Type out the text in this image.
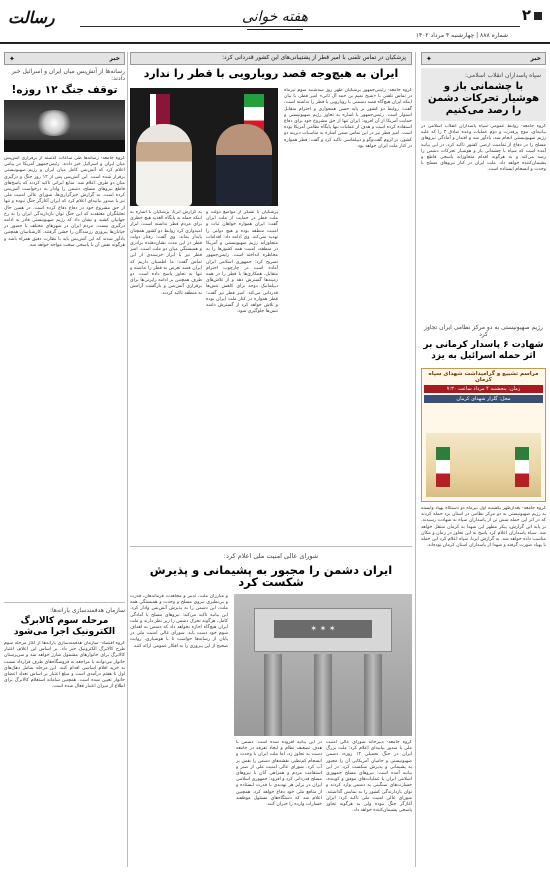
۲
شماره ۸۸۸ | چهارشنبه ۴ مرداد ۱۴۰۲
هفته خوانی
رسالت
خبر
✦
سپاه پاسداران انقلاب اسلامی:
با چشمانی باز و هوشیار تحرکات دشمن را رصد می‌کنیم
گروه جامعه- روابط عمومی سپاه پاسداران انقلاب اسلامی در بیانیه‌ای، موج پرقدرت و دوم عملیات وعده صادق ۳ را که علیه رژیم صهیونیستی انجام شد، یادآور شد و اقتدار و آمادگی نیروهای مسلح را در دفاع از تمامیت ارضی کشور تاکید کرد. در این بیانیه آمده است که سپاه با چشمانی باز و هوشیار تحرکات دشمن را رصد می‌کند و به هرگونه اقدام متجاوزانه پاسخی قاطع و پشیمان‌کننده خواهد داد. ملت ایران در کنار نیروهای مسلح با وحدت و انسجام ایستاده است.
رژیم صهیونیستی به دو مرکز نظامی ایران تجاوز کرد
شهادت ۶ پاسدار کرمانی بر اثر حمله اسرائیل به یزد
مراسم تشییع و گرامیداشت شهدای سپاه کرمان
زمان: پنجشنبه ۴ مرداد ساعت ۷:۳۰
محل: گلزار شهدای کرمان
گروه جامعه- بعدازظهر یکشنبه اول تیرماه دو دستگاه پهپاد وابسته به رژیم صهیونیستی به دو مرکز نظامی در استان یزد حمله کردند که در اثر این حمله شش تن از پاسداران سپاه به شهادت رسیدند. بر پایه این گزارش، پیکر مطهر این شهدا به کرمان منتقل خواهد شد. سپاه پاسداران اعلام کرد پاسخ به این تجاوز در زمان و مکان مناسب داده خواهد شد. به گزارش ایرنا، سپاه اعلام کرد این حمله با پهپاد صورت گرفته و شهدا از پاسداران استان کرمان بوده‌اند.
پزشکیان در تماس تلفنی با امیر قطر از پشتیبانی‌های این کشور قدردانی کرد:
ایران به هیچ‌وجه قصد رویارویی با قطر را ندارد
گروه جامعه- رئیس‌جمهور پزشکیان ظهر روز سه‌شنبه سوم تیرماه در تماس تلفنی با «شیخ تمیم بن حمد آل ثانی» امیر قطر، با بیان اینکه ایران هیچ‌گاه قصد دشمنی یا رویارویی با قطر را نداشته است، گفت: روابط دو کشور بر پایه حسن همجواری و احترام متقابل استوار است. رئیس‌جمهور با اشاره به تجاوز رژیم صهیونیستی و حمایت آمریکا از آن افزود: ایران تنها از حق مشروع خود برای دفاع استفاده کرده است و هدف از عملیات تنها پایگاه نظامی آمریکا بوده است. امیر قطر نیز در این تماس ضمن اشاره به مناسبات دیرینه دو کشور، بر لزوم گفت‌وگو و دیپلماسی تاکید کرد و گفت: قطر همواره در کنار ملت ایران خواهد بود.
پزشکیان با تشکر از مواضع دولت و ملت قطر در حمایت از ملت ایران گفت: ایران همواره خواهان ثبات و امنیت منطقه بوده و هیچ دولتی را تهدید نمی‌کند. وی ادامه داد: اقدامات متجاوزانه رژیم صهیونیستی و آمریکا در منطقه، امنیت همه کشورها را به مخاطره انداخته است. رئیس‌جمهور تصریح کرد: جمهوری اسلامی ایران آماده است در چارچوب احترام متقابل، همکاری‌ها با قطر را در همه زمینه‌ها گسترش دهد و از تلاش‌های دیپلماتیک دوحه برای کاهش تنش‌ها قدردانی می‌کند. امیر قطر نیز گفت: قطر همواره در کنار ملت ایران بوده و تلاش خواهد کرد از گسترش دامنه تنش‌ها جلوگیری شود.
به گزارش ایرنا، پزشکیان با اشاره به اینکه حمله به پایگاه العدید هیچ خطری برای مردم قطر نداشته است، ابراز امیدواری کرد روابط دو کشور همچنان پایدار بماند. وی گفت: رفتار دولت قطر در این مدت نشان‌دهنده برادری و همبستگی میان دو ملت است. امیر قطر نیز با ابراز خرسندی از این تماس گفت: ما اطمینان داریم که ایران قصد تعرض به قطر را نداشته و تنها به تجاوز پاسخ داده است. دو طرف همچنین بر ادامه رایزنی‌ها برای برقراری آتش‌بس و بازگشت آرامش به منطقه تاکید کردند.
شورای عالی امنیت ملی اعلام کرد:
ایران دشمن را مجبور به پشیمانی و پذیرش شکست کرد
✶ ✶ ✶
و مبارزان ملت، تدبیر و مجاهدت فرماندهان، قدرت و بی‌نظیری نیروی مسلح و وحدت و همبستگی همه ملت، این دشمن را به پذیرش آتش‌بس وادار کرد. این بیانیه تاکید می‌کند: نیروهای مسلح با آمادگی کامل، هرگونه تحرک دشمن را زیر نظر دارند و ملت ایران هیچ‌گاه اجازه نخواهد داد که دشمن به اهداف شوم خود دست یابد. شورای عالی امنیت ملی در پایان از رسانه‌ها خواست تا با هوشیاری، روایت صحیح از این پیروزی را به افکار عمومی ارائه کنند.
گروه جامعه- دبیرخانه شورای عالی امنیت ملی با صدور بیانیه‌ای اعلام کرد: ملت بزرگ ایران در جنگ تحمیلی ۱۲ روزه، دشمن صهیونیستی و حامیان آمریکایی آن را مجبور به پشیمانی و پذیرش شکست کرد. در این بیانیه آمده است: نیروهای مسلح جمهوری اسلامی ایران با عملیات‌های موفق و کوبنده، خسارت‌های سنگینی به دشمن وارد کردند و توان بازدارندگی کشور را به نمایش گذاشتند. شورای عالی امنیت ملی تاکید کرد: ایران آغازگر جنگ نبوده ولی به هرگونه تجاوز پاسخی پشیمان‌کننده خواهد داد.
در این بیانیه افزوده شده است: دشمن با هدف تضعیف نظام و ایجاد تفرقه در جامعه دست به تجاوز زد، اما ملت ایران با وحدت و انسجام کم‌نظیر، نقشه‌های دشمن را نقش بر آب کرد. شورای عالی امنیت ملی از صبر و استقامت مردم و همراهی آنان با نیروهای مسلح قدردانی کرد و افزود: جمهوری اسلامی ایران در برابر هر تهدیدی با قدرت ایستاده و از منافع ملی خود دفاع خواهد کرد. همچنین اعلام شد که دستگاه‌های مسئول موظفند خسارات وارده را جبران کنند.
خبر
✦
رسانه‌ها از آتش‌بس میان ایران و اسرائیل خبر دادند:
توقف جنگ ۱۲ روزه!
گروه جامعه- رسانه‌ها طی ساعات گذشته از برقراری آتش‌بس میان ایران و اسرائیل خبر دادند. رئیس‌جمهور آمریکا در پیامی اعلام کرد که آتش‌بس کامل میان ایران و رژیم صهیونیستی برقرار شده است. این آتش‌بس پس از ۱۲ روز جنگ و درگیری میان دو طرف اعلام شد. منابع ایرانی تاکید کردند که پاسخ‌های قاطع نیروهای مسلح، دشمن را وادار به درخواست آتش‌بس کرده است. به گزارش خبرگزاری‌ها، شورای عالی امنیت ملی نیز با صدور بیانیه‌ای اعلام کرد که ایران آغازگر جنگ نبوده و تنها از حق مشروع خود در دفاع دفاع کرده است. در همین حال تحلیلگران معتقدند که این جنگ توان بازدارندگی ایران را به رخ جهانیان کشید و نشان داد که رژیم صهیونیستی قادر به ادامه درگیری نیست. مردم ایران در شهرهای مختلف با حضور در خیابان‌ها پیروزی رزمندگان را جشن گرفتند. کارشناسان همچنین یادآور شدند که این آتش‌بس باید با نظارت دقیق همراه باشد و هرگونه نقض آن با پاسخی سخت مواجه خواهد شد.
سازمان هدفمندسازی یارانه‌ها:
مرحله سوم کالابرگ الکترونیک اجرا می‌شود
گروه اقتصاد- سازمان هدفمندسازی یارانه‌ها از آغاز مرحله سوم طرح کالابرگ الکترونیک خبر داد. بر اساس این اعلام، اعتبار کالابرگ برای خانوارهای مشمول شارژ خواهد شد و سرپرستان خانوار می‌توانند با مراجعه به فروشگاه‌های طرف قرارداد نسبت به خرید اقلام اساسی اقدام کنند. این مرحله شامل دهک‌های اول تا هفتم درآمدی است و مبلغ اعتبار بر اساس تعداد اعضای خانوار تعیین شده است. همچنین سامانه استعلام کالابرگ برای اطلاع از میزان اعتبار فعال شده است.
